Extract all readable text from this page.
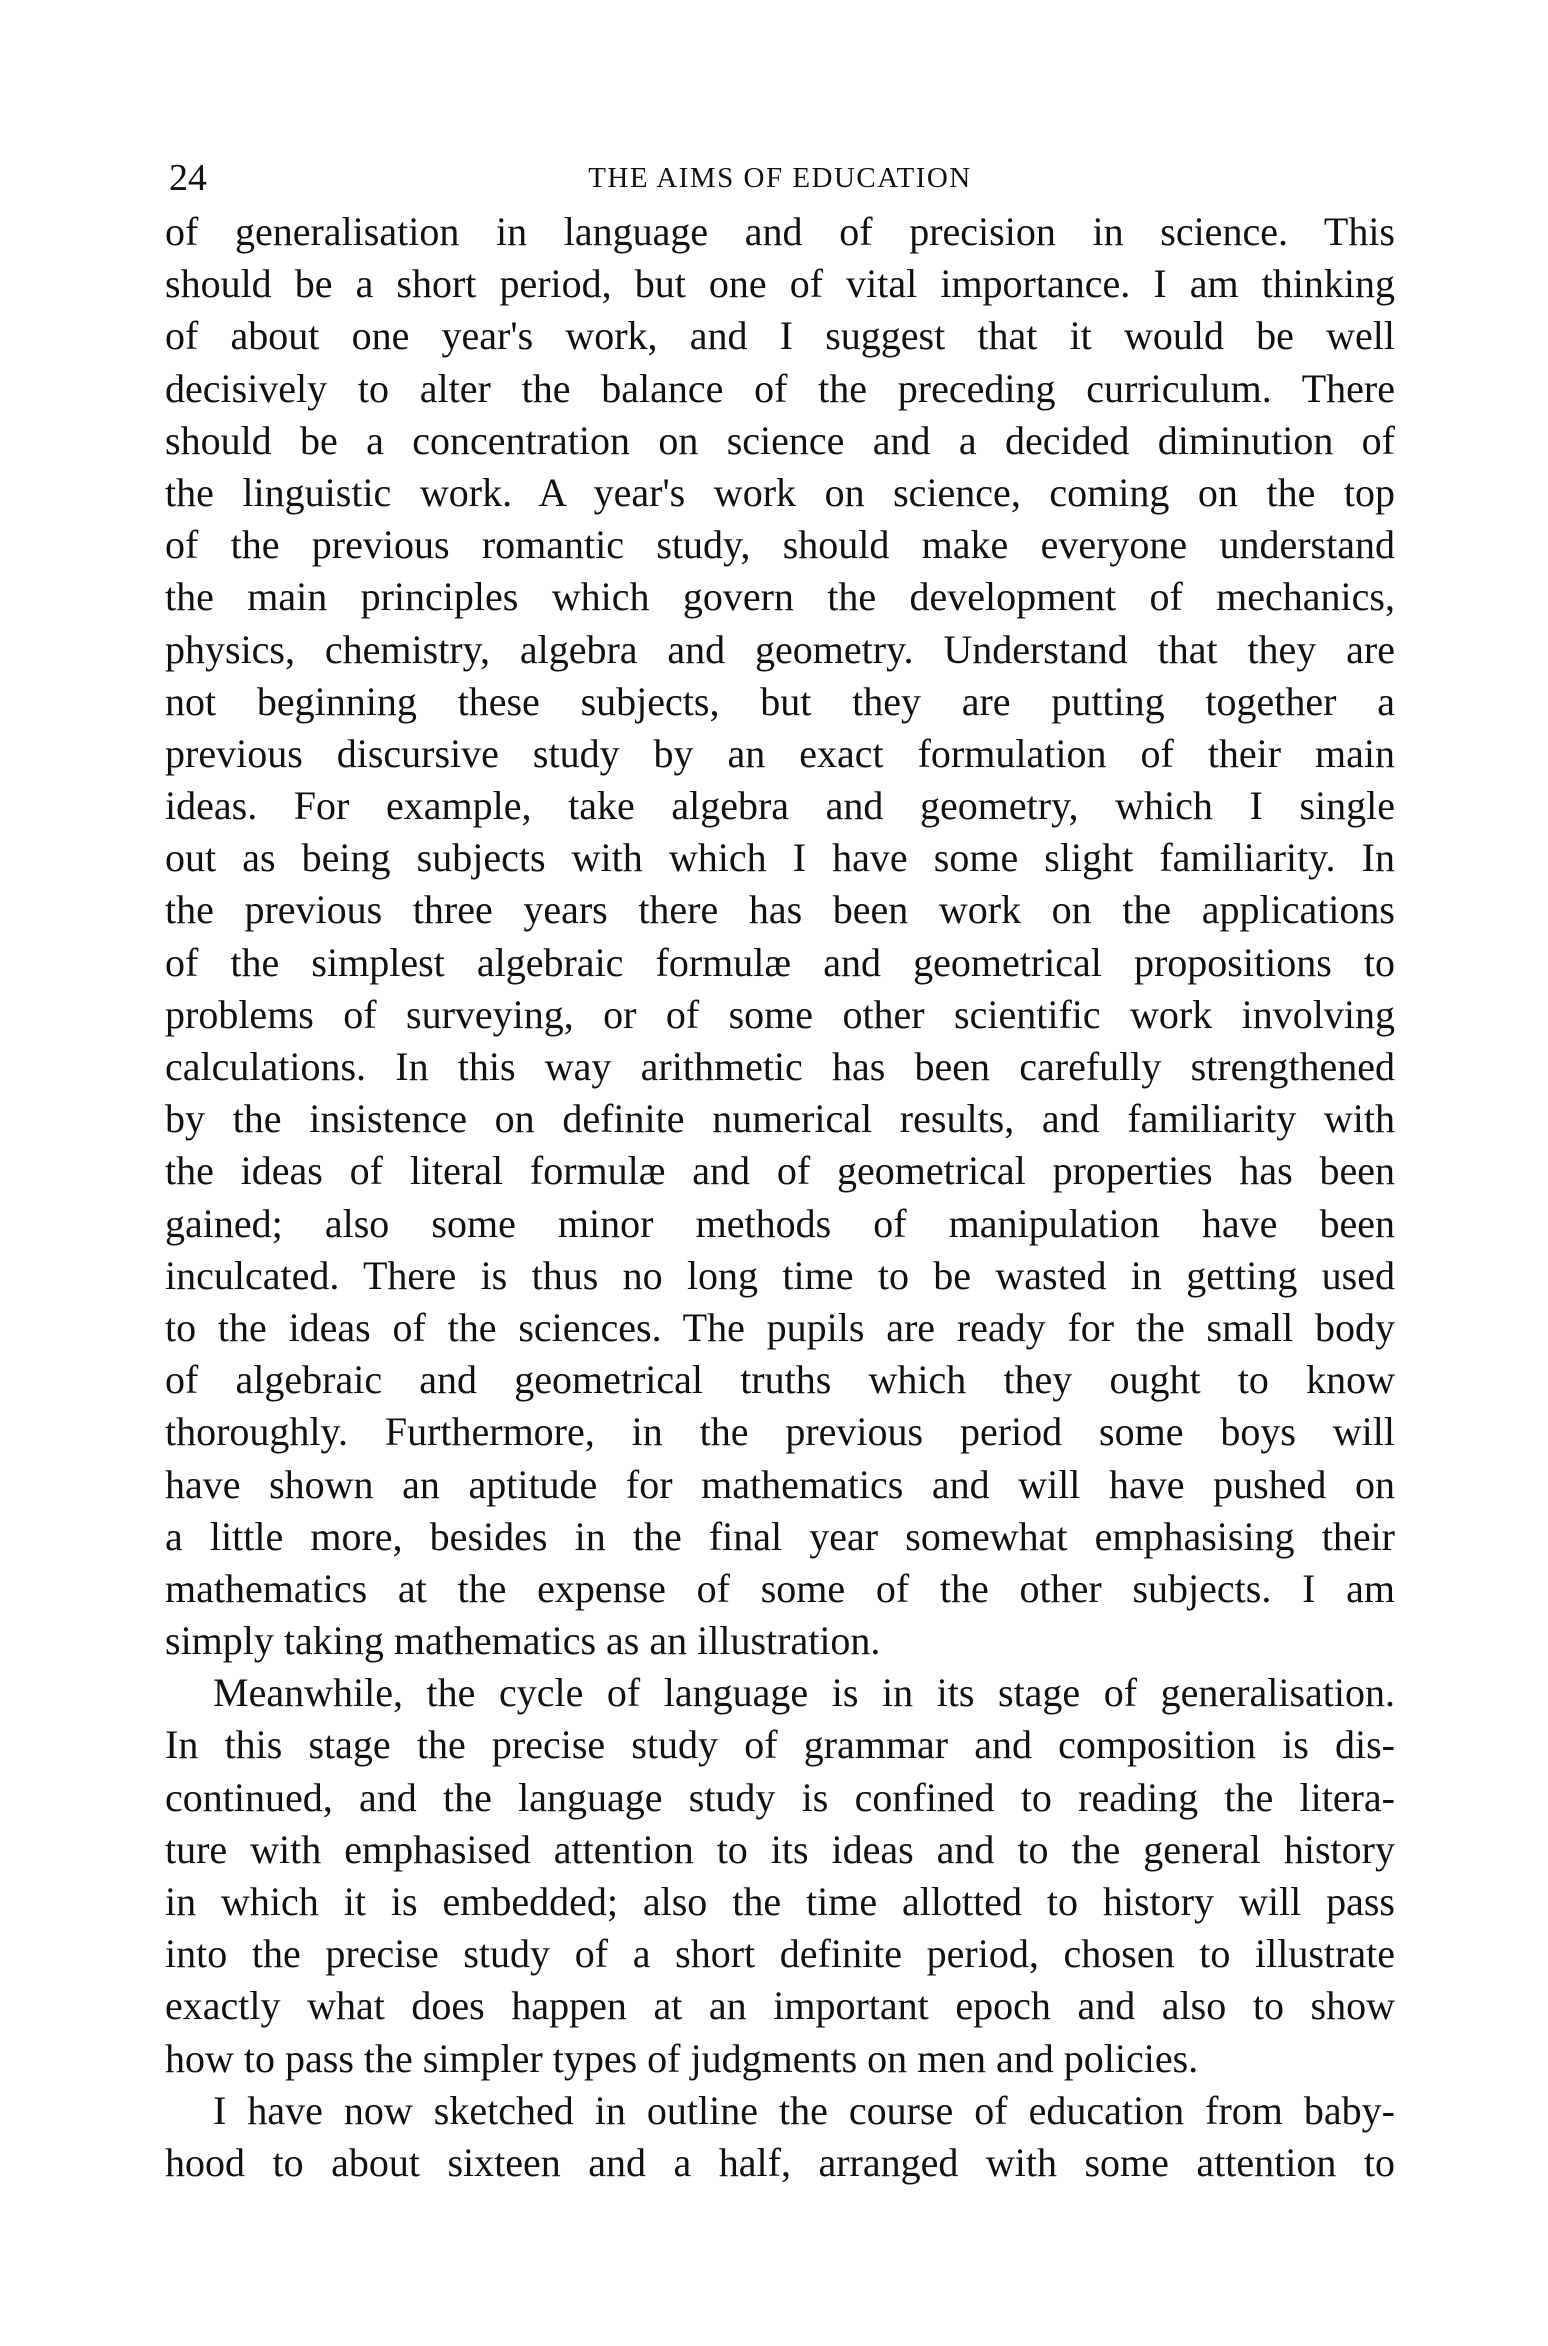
24	THE AIMS OF EDUCATION
of generalisation in language and of precision in science. This
should be a short period, but one of vital importance. I am thinking
of about one year's work, and I suggest that it would be well
decisively to alter the balance of the preceding curriculum. There
should be a concentration on science and a decided diminution of
the linguistic work. A year's work on science, coming on the top
of the previous romantic study, should make everyone understand
the main principles which govern the development of mechanics,
physics, chemistry, algebra and geometry. Understand that they are
not beginning these subjects, but they are putting together a
previous discursive study by an exact formulation of their main
ideas. For example, take algebra and geometry, which I single
out as being subjects with which I have some slight familiarity. In
the previous three years there has been work on the applications
of the simplest algebraic formulæ and geometrical propositions to
problems of surveying, or of some other scientific work involving
calculations. In this way arithmetic has been carefully strengthened
by the insistence on definite numerical results, and familiarity with
the ideas of literal formulæ and of geometrical properties has been
gained; also some minor methods of manipulation have been
inculcated. There is thus no long time to be wasted in getting used
to the ideas of the sciences. The pupils are ready for the small body
of algebraic and geometrical truths which they ought to know
thoroughly. Furthermore, in the previous period some boys will
have shown an aptitude for mathematics and will have pushed on
a little more, besides in the final year somewhat emphasising their
mathematics at the expense of some of the other subjects. I am
simply taking mathematics as an illustration.
Meanwhile, the cycle of language is in its stage of generalisation.
In this stage the precise study of grammar and composition is dis-
continued, and the language study is confined to reading the litera-
ture with emphasised attention to its ideas and to the general history
in which it is embedded; also the time allotted to history will pass
into the precise study of a short definite period, chosen to illustrate
exactly what does happen at an important epoch and also to show
how to pass the simpler types of judgments on men and policies.
I have now sketched in outline the course of education from baby-
hood to about sixteen and a half, arranged with some attention to
